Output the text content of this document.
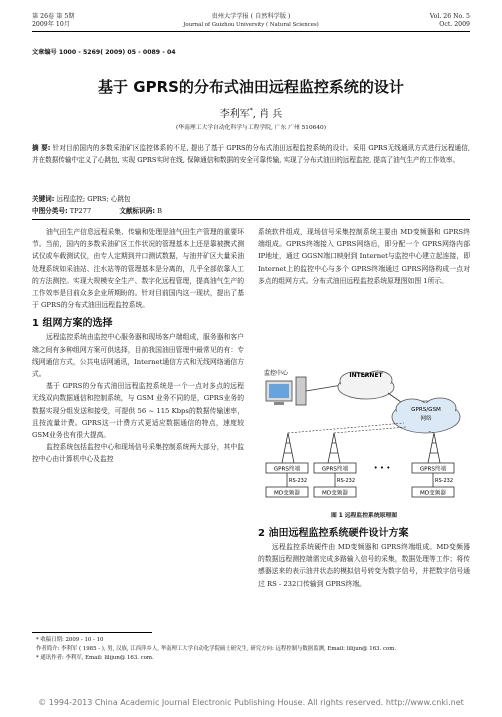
第 26卷 第 5期
2009年 10月
贵州大学学报 ( 自然科学版 )
Journal of Guizhou University ( Natural Sciences)
Vol. 26 No. 5
Oct. 2009
文章编号 1000 - 5269( 2009) 05 - 0089 - 04
基于 GPRS的分布式油田远程监控系统的设计
李利军*, 肖 兵
(华南理工大学自动化科学与工程学院, 广东 广州 510640)
摘 要: 针对目前国内的多数采油矿区监控体系的不足, 提出了基于 GPRS的分布式油田远程监控系统的设计。采用 GPRS无线通讯方式进行远程通信, 并在数据传输中定义了心跳包, 实现 GPRS实时在线, 保障通信和数据的安全可靠传输, 实现了分布式油田的远程监控, 提高了油气生产的工作效率。
关键词: 远程监控; GPRS; 心跳包
中图分类号: TP277	文献标识码: B

油气田生产信息远程采集、传输和处理是油气田生产管理的重要环节。当前，国内的多数采油矿区工作状况的管理基本上还是靠被携式测试仪或车载测试仪，由专人定期到井口测试数据，与油井矿区大量采油处理系统如采油站、注水站等的管理基本是分离的，几乎全部依靠人工的方法测控。实现大规模安全生产、数字化远程管理，提高油气生产的工作效率是目前众多企业所期盼的。针对目前国内这一现状，提出了基于 GPRS的分布式油田远程监控系统。

1 组网方案的选择

远程监控系统由监控中心服务器和现场客户端组成，服务器和客户端之间有多种组网方案可供选择，目前我国油田管理中最常见的有：专线网通信方式，公共电话网通讯，Internet通信方式和无线网络通信方式。

基于 GPRS的分布式油田远程监控系统是一个一点对多点的远程无线双向数据通信和控制系统，与 GSM 业务不同的是，GPRS业务的数据实现分组发送和接受，可提供 56 ~ 115 Kbps的数据传输速率，且按流量计费。GPRS这一计费方式更适应数据通信的特点，速度较 GSM业务也有很大提高。

监控系统包括监控中心和现场信号采集控制系统两大部分，其中监控中心由计算机中心及监控

系统软件组成，现场信号采集控制系统主要由 MD变频器和 GPRS终端组成。GPRS终端接入 GPRS网络后，即分配一个 GPRS网络内部 IP地址，通过 GGSN端口映射到 Internet与监控中心建立起连接，即 Internet上的监控中心与多个 GPRS终端通过 GPRS网络构成一点对多点的组网方式。分布式油田远程监控系统原理图如图 1所示。

监控中心	INTERNET
GPRS/GSM
网络
GPRS终端	GPRS终端	• • •	GPRS终端
RS-232	RS-232	RS-232
MD变频器	MD变频器	MD变频器
图 1 远程监控系统原理图
2 油田远程监控系统硬件设计方案

远程监控系统硬件由 MD变频器和 GPRS终端组成。MD变频器的数据远程测控端需完成多路输入信号的采集，数据处理等工作；将传感器送来的表示油井状态的模拟信号转变为数字信号，并把数字信号通过 RS - 232口传输到 GPRS终端。

* 收稿日期: 2009 - 10 - 10
作者简介: 李利军 ( 1985 - ), 男, 汉族, 江西萍乡人, 华南理工大学自动化学院硕士研究生, 研究方向: 远程控制与数据监测, Email: lilijun@ 163. com.
* 通讯作者: 李利军, Email: lilijun@ 163. com.
© 1994-2013 China Academic Journal Electronic Publishing House. All rights reserved. http://www.cnki.net
